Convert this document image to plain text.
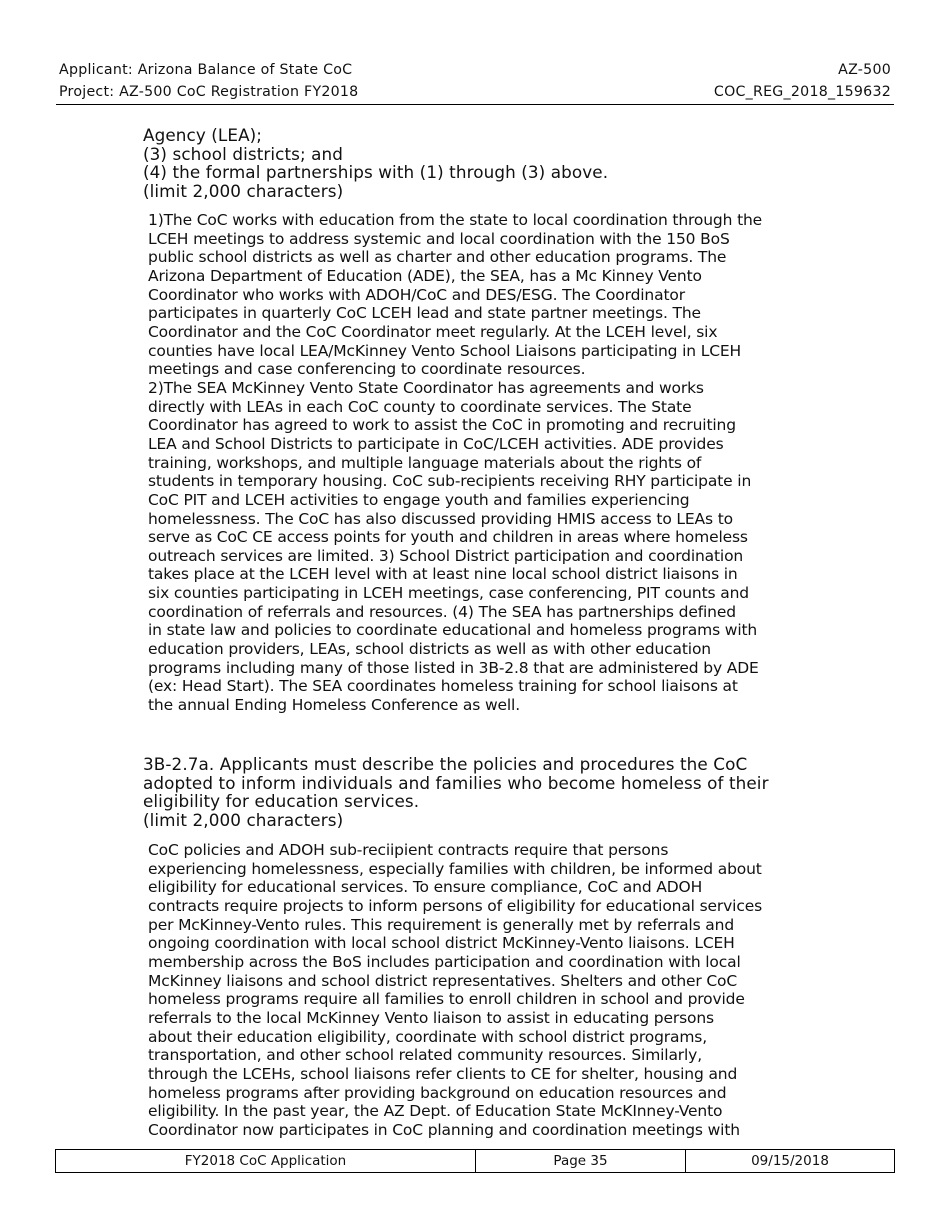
Applicant: Arizona Balance of State CoC
Project: AZ-500 CoC Registration FY2018
AZ-500
COC_REG_2018_159632
Agency (LEA);
(3) school districts; and
(4) the formal partnerships with (1) through (3) above.
(limit 2,000 characters)

1)The CoC works with education from the state to local coordination through the

LCEH meetings to address systemic and local coordination with the 150 BoS

public school districts as well as charter and other education programs. The

Arizona Department of Education (ADE), the SEA, has a Mc Kinney Vento

Coordinator who works with ADOH/CoC and DES/ESG. The Coordinator

participates in quarterly CoC LCEH lead and state partner meetings. The

Coordinator and the CoC Coordinator meet regularly. At the LCEH level, six

counties have local LEA/McKinney Vento School Liaisons participating in LCEH

meetings and case conferencing to coordinate resources.

2)The SEA McKinney Vento State Coordinator has agreements and works

directly with LEAs in each CoC county to coordinate services. The State

Coordinator has agreed to work to assist the CoC in promoting and recruiting

LEA and School Districts to participate in CoC/LCEH activities. ADE provides

training, workshops, and multiple language materials about the rights of

students in temporary housing. CoC sub-recipients receiving RHY participate in

CoC PIT and LCEH activities to engage youth and families experiencing

homelessness. The CoC has also discussed providing HMIS access to LEAs to

serve as CoC CE access points for youth and children in areas where homeless

outreach services are limited. 3) School District participation and coordination

takes place at the LCEH level with at least nine local school district liaisons in

six counties participating in LCEH meetings, case conferencing, PIT counts and

coordination of referrals and resources. (4) The SEA has partnerships defined

in state law and policies to coordinate educational and homeless programs with

education providers, LEAs, school districts as well as with other education

programs including many of those listed in 3B-2.8 that are administered by ADE

(ex: Head Start). The SEA coordinates homeless training for school liaisons at

the annual Ending Homeless Conference as well.

3B-2.7a. Applicants must describe the policies and procedures the CoC
adopted to inform individuals and families who become homeless of their
eligibility for education services.
(limit 2,000 characters)

CoC policies and ADOH sub-reciipient contracts require that persons

experiencing homelessness, especially families with children, be informed about

eligibility for educational services. To ensure compliance, CoC and ADOH

contracts require projects to inform persons of eligibility for educational services

per McKinney-Vento rules. This requirement is generally met by referrals and

ongoing coordination with local school district McKinney-Vento liaisons. LCEH

membership across the BoS includes participation and coordination with local

McKinney liaisons and school district representatives. Shelters and other CoC

homeless programs require all families to enroll children in school and provide

referrals to the local McKinney Vento liaison to assist in educating persons

about their education eligibility, coordinate with school district programs,

transportation, and other school related community resources. Similarly,

through the LCEHs, school liaisons refer clients to CE for shelter, housing and

homeless programs after providing background on education resources and

eligibility. In the past year, the AZ Dept. of Education State McKInney-Vento

Coordinator now participates in CoC planning and coordination meetings with

FY2018 CoC Application	Page 35	09/15/2018
